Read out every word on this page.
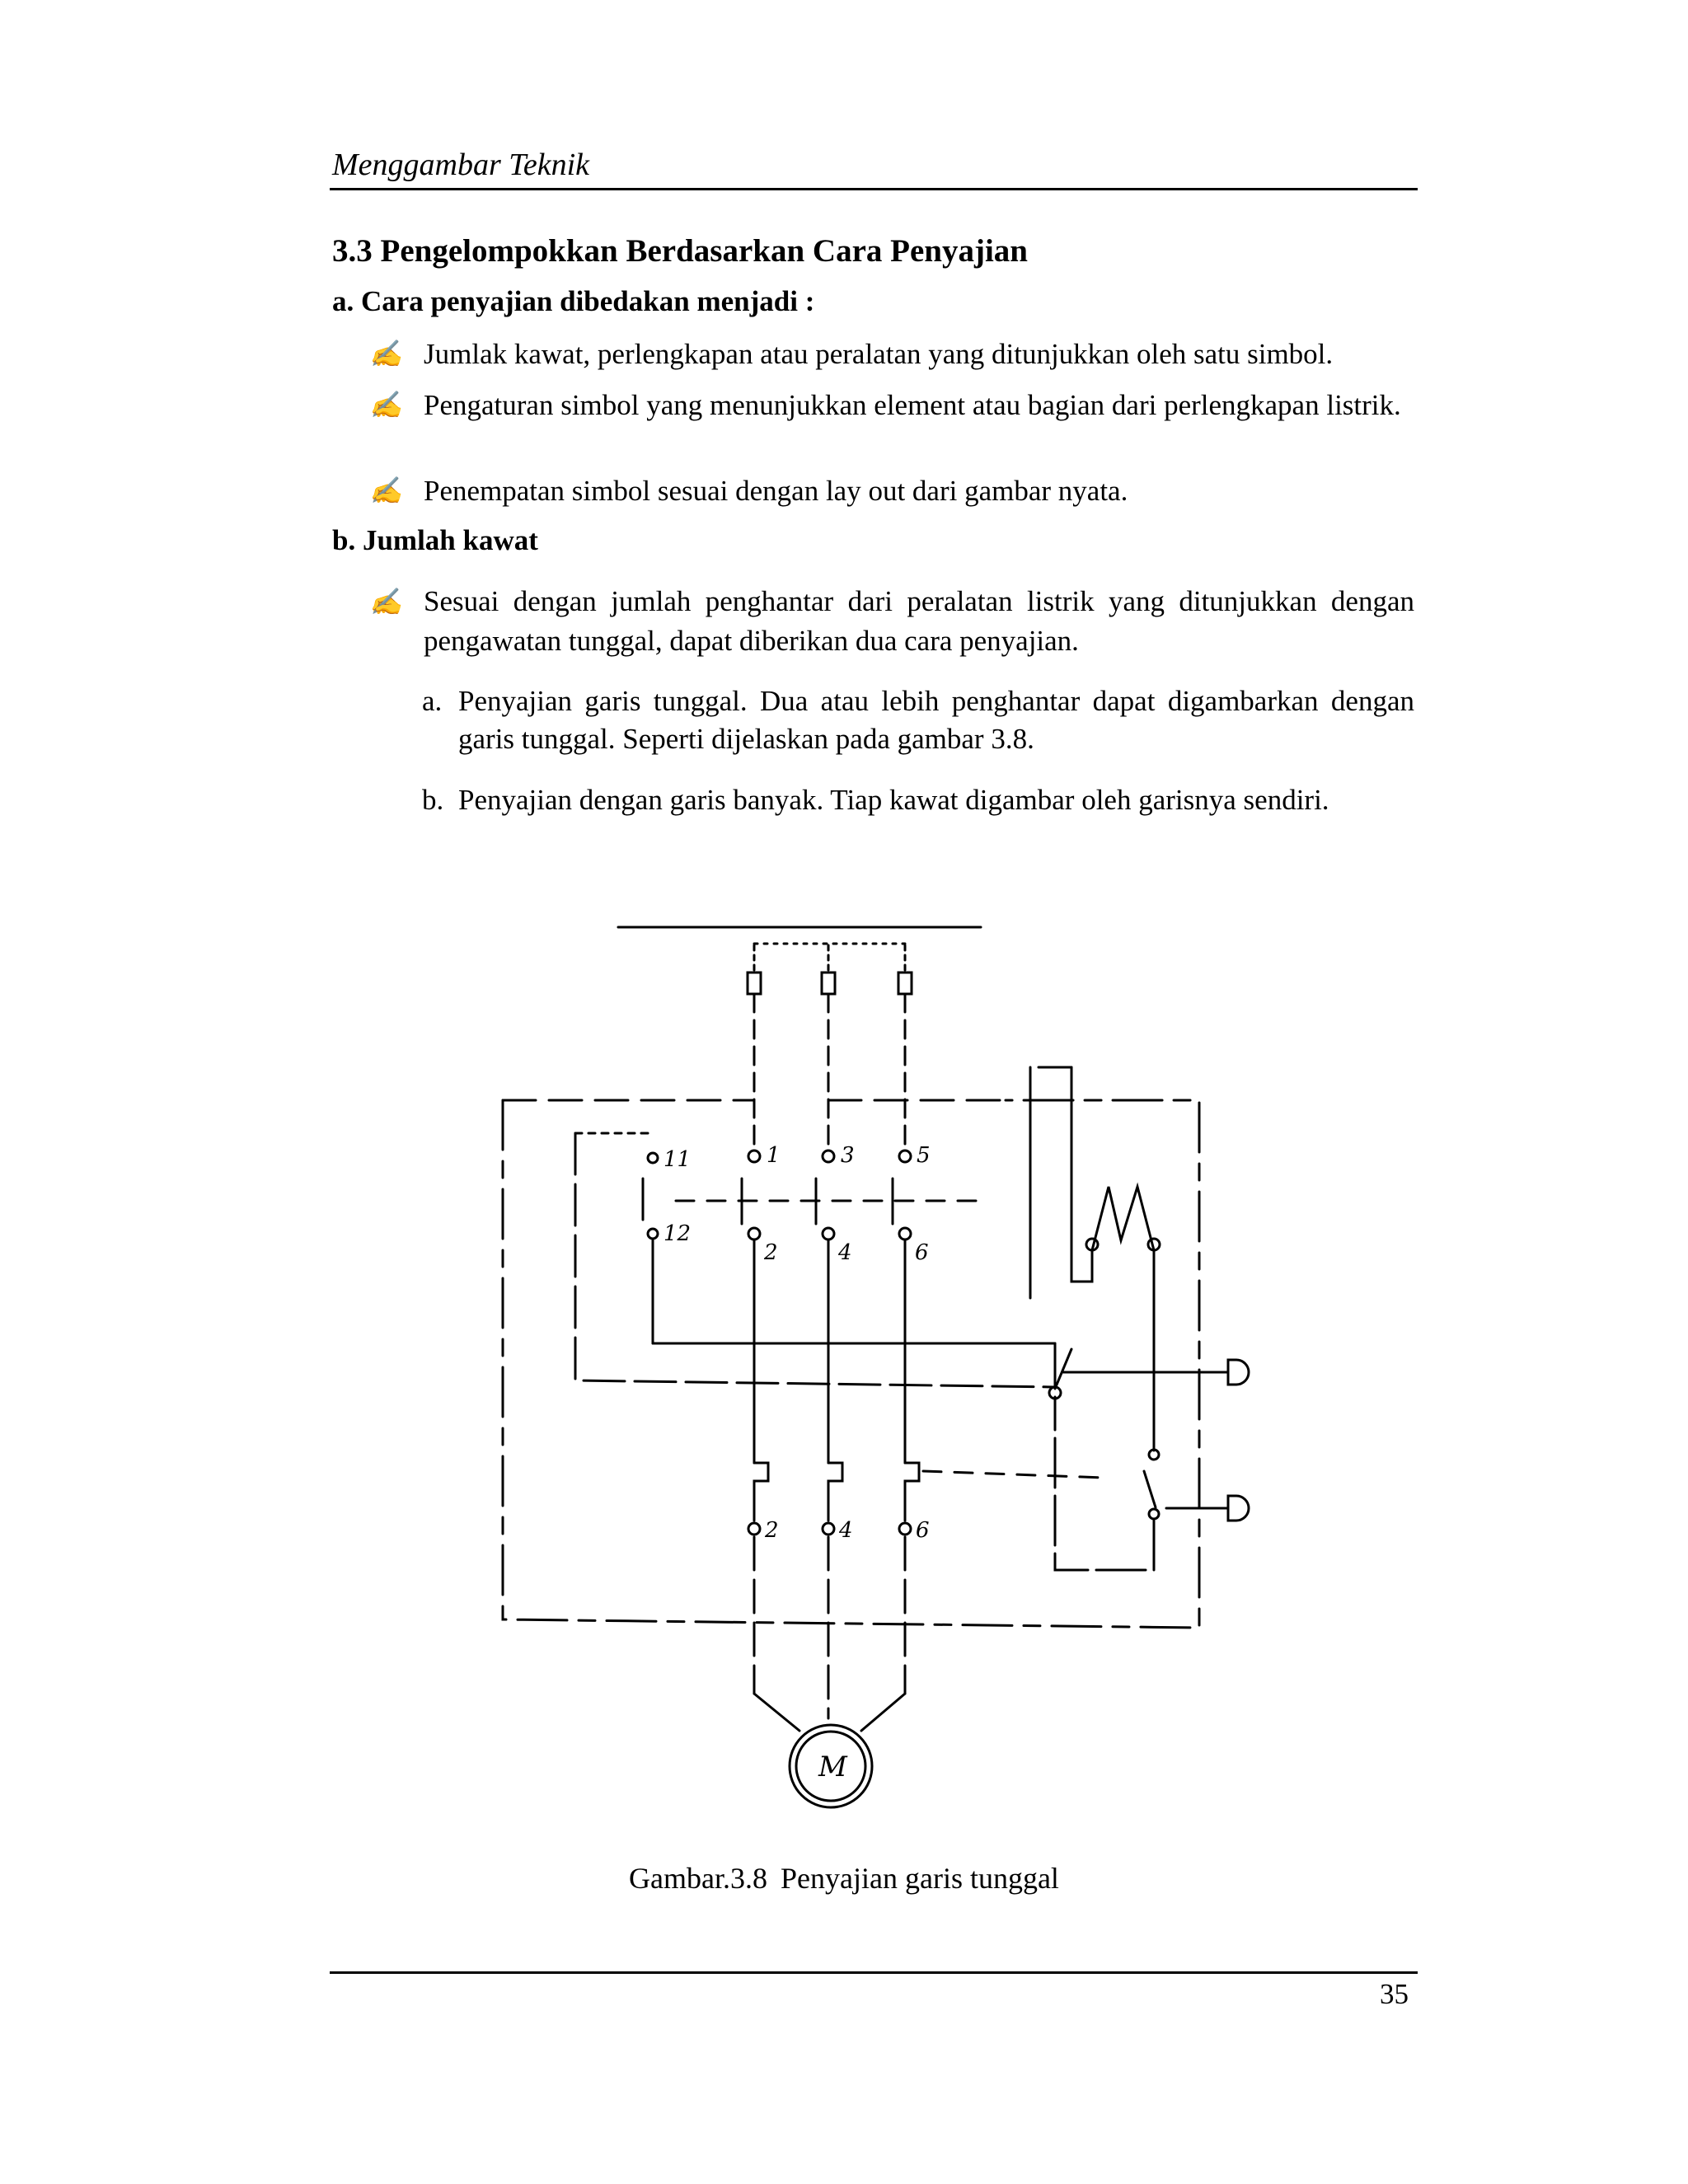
Menggambar Teknik
3.3 Pengelompokkan Berdasarkan Cara Penyajian
a. Cara penyajian dibedakan menjadi :
✍ Jumlak kawat, perlengkapan atau peralatan yang ditunjukkan oleh satu simbol.
✍ Pengaturan simbol yang menunjukkan element atau bagian dari perlengkapan listrik.
✍ Penempatan simbol sesuai dengan lay out dari gambar nyata.
b. Jumlah kawat
✍ Sesuai dengan jumlah penghantar dari peralatan listrik yang ditunjukkan dengan pengawatan tunggal, dapat diberikan dua cara penyajian.
a. Penyajian garis tunggal. Dua atau lebih penghantar dapat digambarkan dengan garis tunggal. Seperti dijelaskan pada gambar 3.8.
b. Penyajian dengan garis banyak. Tiap kawat digambar oleh garisnya sendiri.
11
12
1	3	5
2	4	6
2	4	6
M
Gambar.3.8 Penyajian garis tunggal
35
